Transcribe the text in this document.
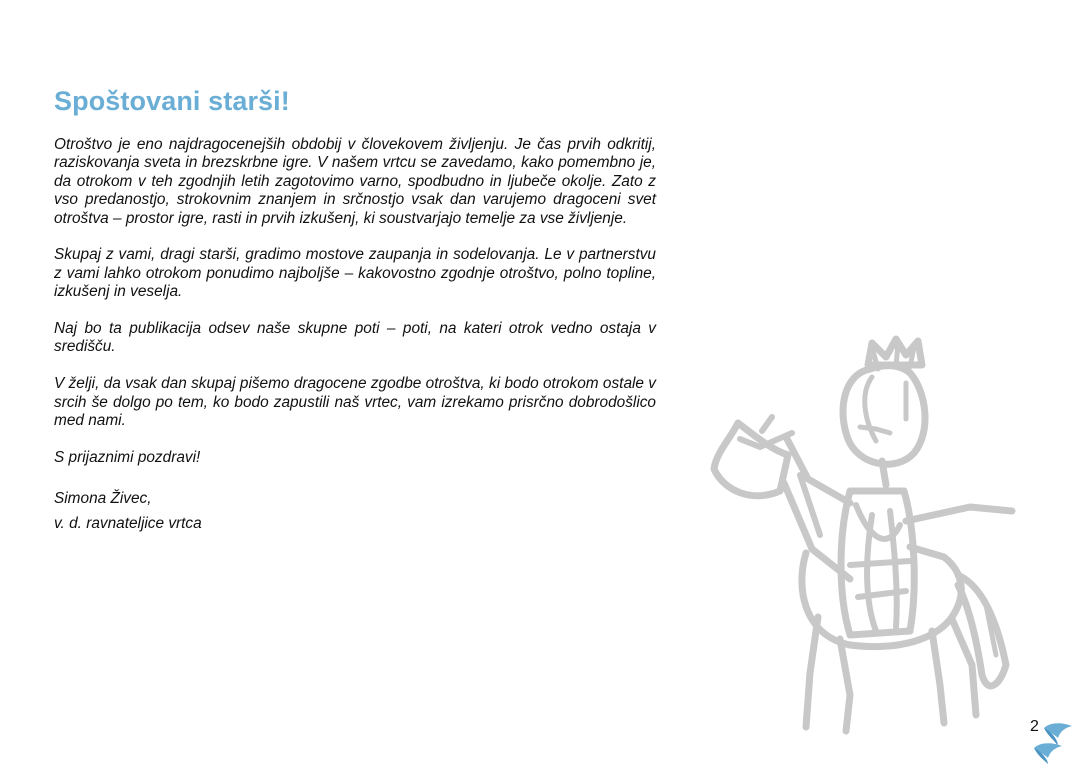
Spoštovani starši!

Otroštvo je eno najdragocenejših obdobij v človekovem življenju. Je čas prvih odkritij, raziskovanja sveta in brezskrbne igre. V našem vrtcu se zavedamo, kako pomembno je, da otrokom v teh zgodnjih letih zagotovimo varno, spodbudno in ljubeče okolje. Zato z vso predanostjo, strokovnim znanjem in srčnostjo vsak dan varujemo dragoceni svet otroštva – prostor igre, rasti in prvih izkušenj, ki soustvarjajo temelje za vse življenje.

Skupaj z vami, dragi starši, gradimo mostove zaupanja in sodelovanja. Le v partnerstvu z vami lahko otrokom ponudimo najboljše – kakovostno zgodnje otroštvo, polno topline, izkušenj in veselja.

Naj bo ta publikacija odsev naše skupne poti – poti, na kateri otrok vedno ostaja v središču.

V želji, da vsak dan skupaj pišemo dragocene zgodbe otroštva, ki bodo otrokom ostale v srcih še dolgo po tem, ko bodo zapustili naš vrtec, vam izrekamo prisrčno dobrodošlico med nami.

S prijaznimi pozdravi!

Simona Živec,
v. d. ravnateljice vrtca

2
